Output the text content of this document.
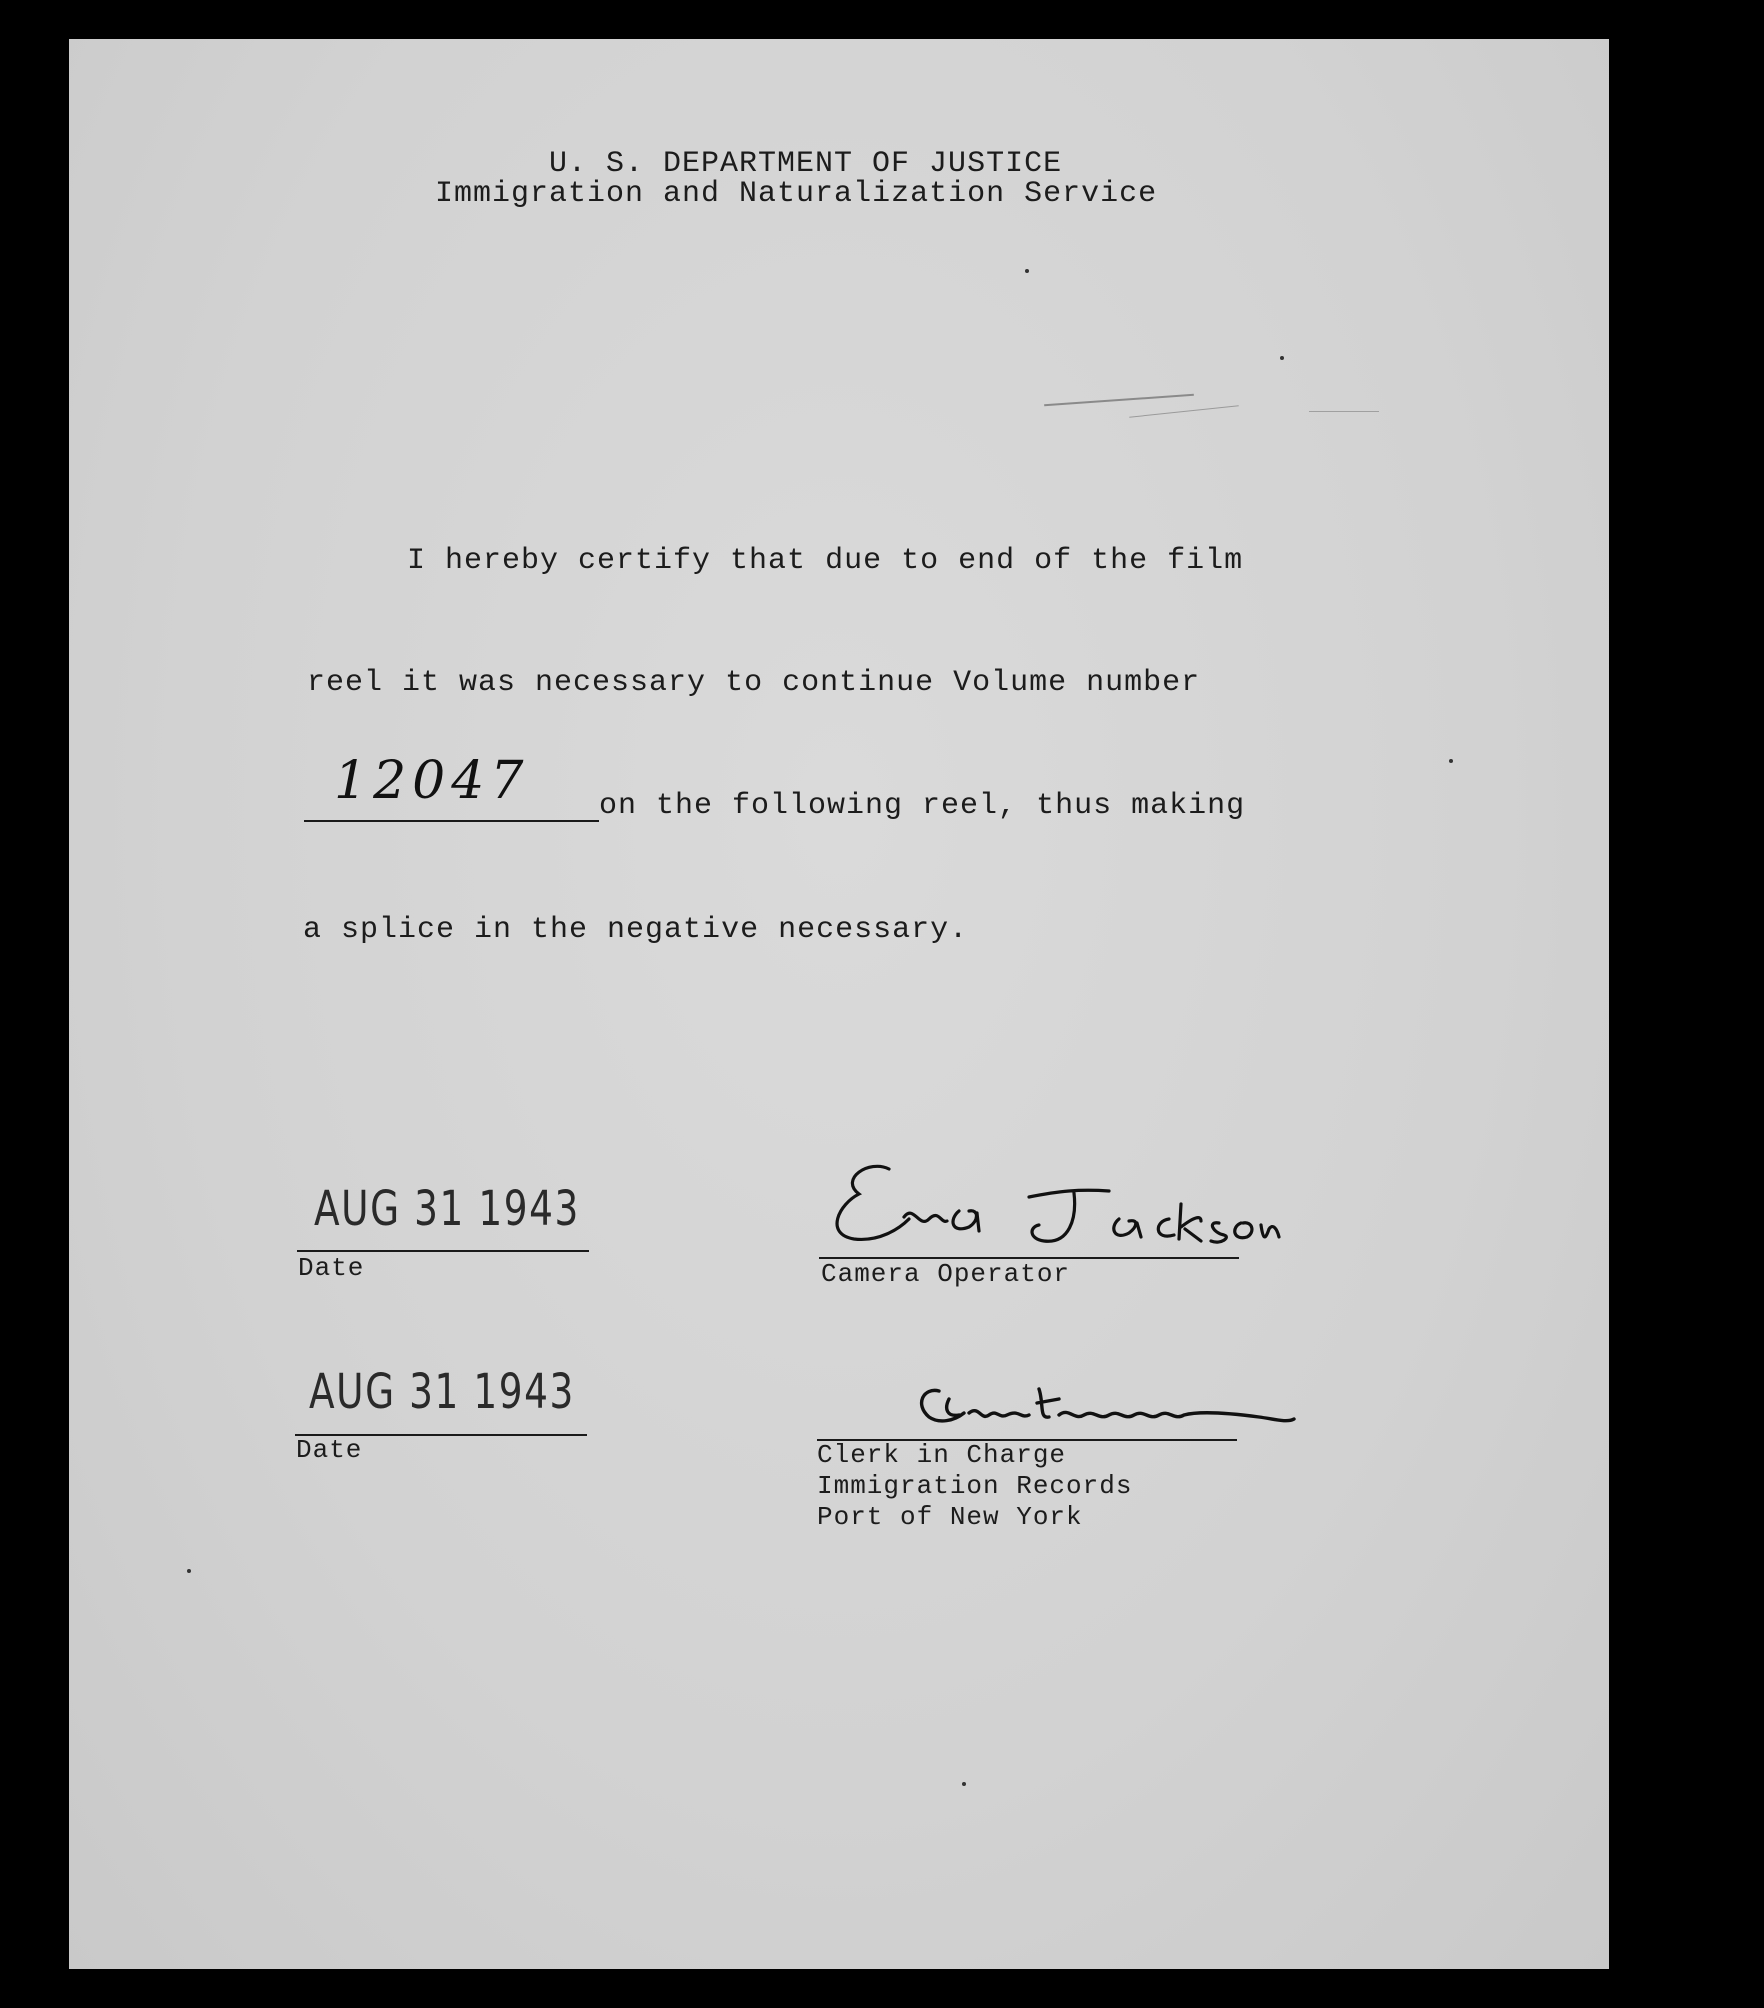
U. S. DEPARTMENT OF JUSTICE
Immigration and Naturalization Service
I hereby certify that due to end of the film
reel it was necessary to continue Volume number
12047 on the following reel, thus making
a splice in the negative necessary.
AUG 31 1943
Date	Camera Operator
AUG 31 1943
Date	Clerk in Charge
Immigration Records
Port of New York
